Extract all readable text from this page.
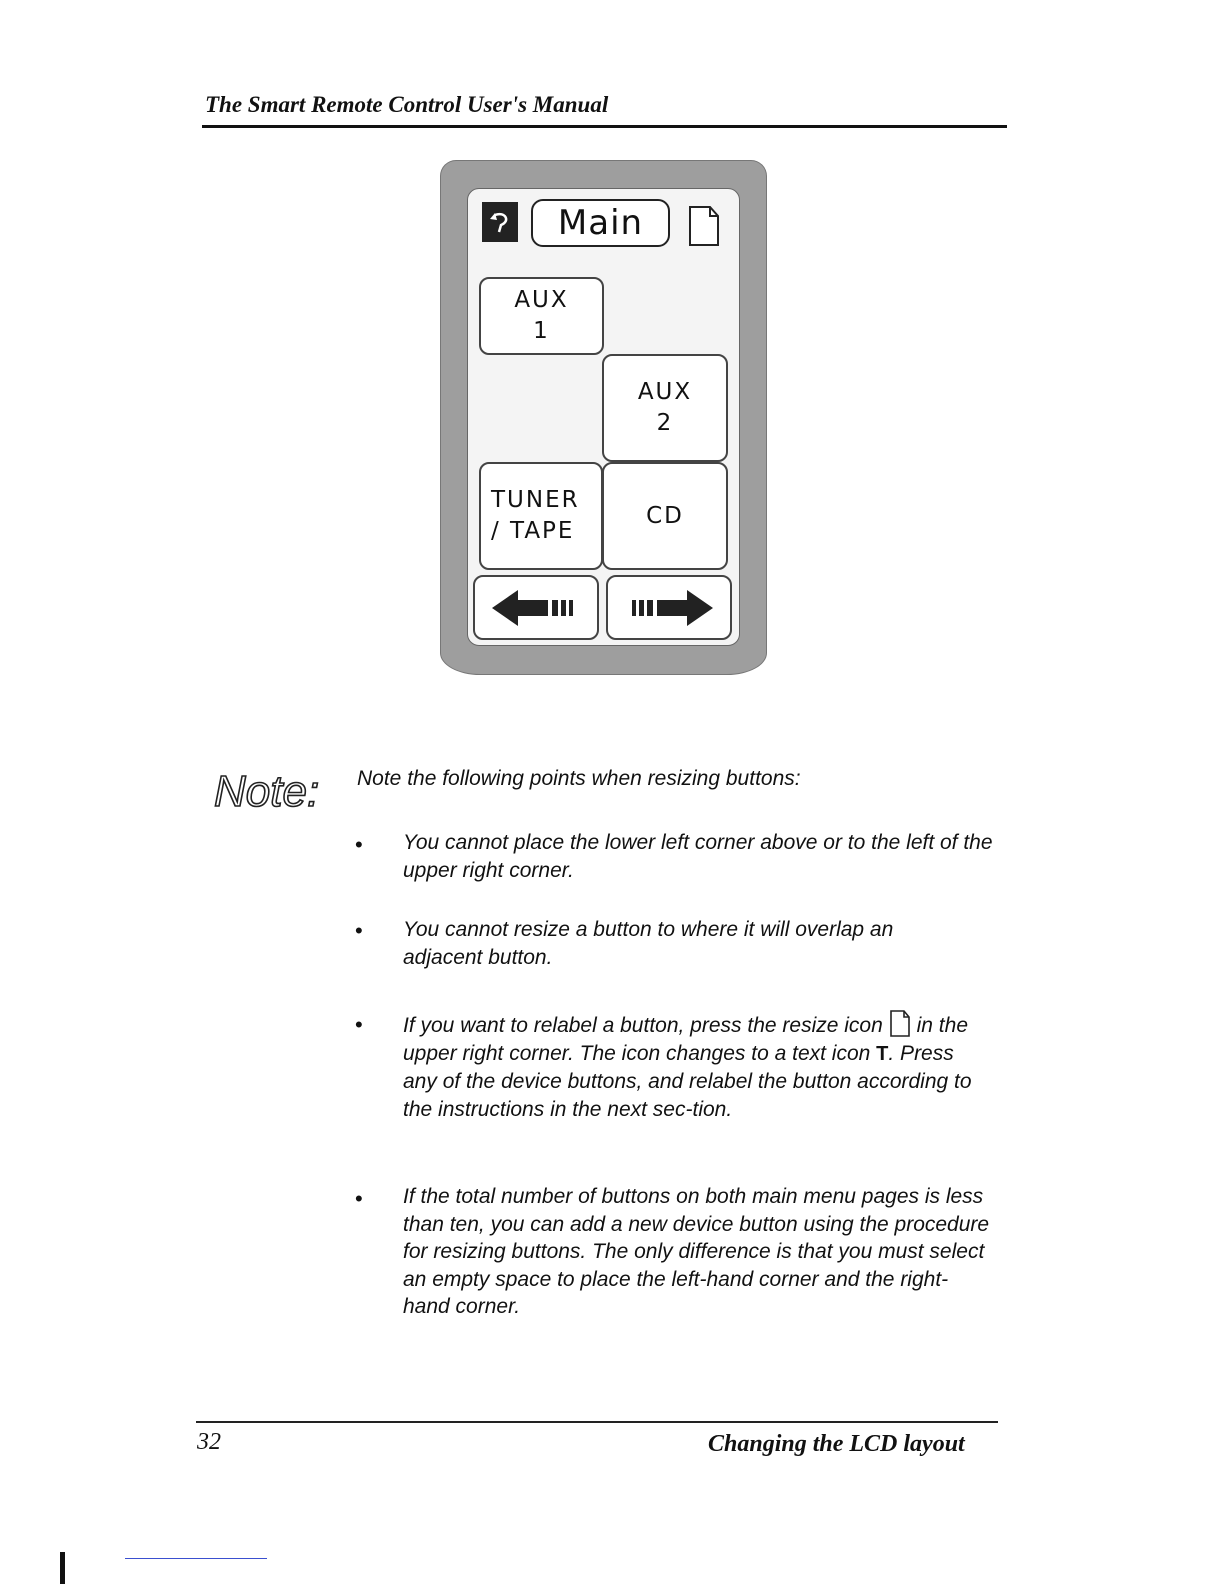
The Smart Remote Control User's Manual
Main
AUX
1
AUX
2
TUNER
/ TAPE
CD
Note: Note the following points when resizing buttons:
• You cannot place the lower left corner above or to the left of the upper right corner.
• You cannot resize a button to where it will overlap an adjacent button.
• If you want to relabel a button, press the resize icon in the upper right corner. The icon changes to a text icon T. Press any of the device buttons, and relabel the button according to the instructions in the next sec-tion.
• If the total number of buttons on both main menu pages is less than ten, you can add a new device button using the procedure for resizing buttons. The only difference is that you must select an empty space to place the left-hand corner and the right-hand corner.
32	Changing the LCD layout
